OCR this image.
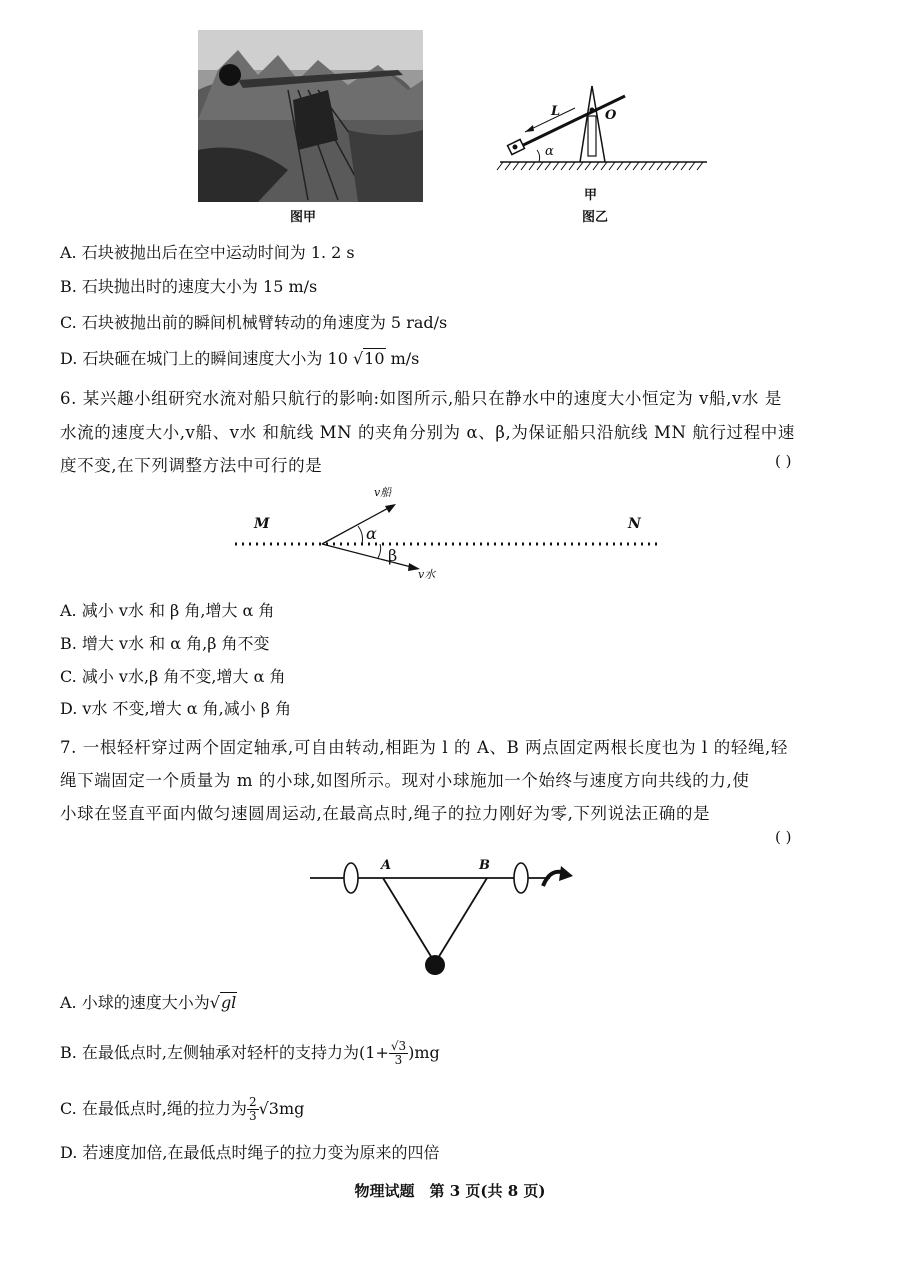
图甲
L	O
α
甲
图乙
A. 石块被抛出后在空中运动时间为 1. 2 s
B. 石块抛出时的速度大小为 15 m/s
C. 石块被抛出前的瞬间机械臂转动的角速度为 5 rad/s
D. 石块砸在城门上的瞬间速度大小为 10 √10 m/s
6. 某兴趣小组研究水流对船只航行的影响:如图所示,船只在静水中的速度大小恒定为 v船,v水 是
水流的速度大小,v船、v水 和航线 MN 的夹角分别为 α、β,为保证船只沿航线 MN 航行过程中速
度不变,在下列调整方法中可行的是	( )
M	N
α
β
v船
v水
A. 减小 v水 和 β 角,增大 α 角
B. 增大 v水 和 α 角,β 角不变
C. 减小 v水,β 角不变,增大 α 角
D. v水 不变,增大 α 角,减小 β 角
7. 一根轻杆穿过两个固定轴承,可自由转动,相距为 l 的 A、B 两点固定两根长度也为 l 的轻绳,轻
绳下端固定一个质量为 m 的小球,如图所示。现对小球施加一个始终与速度方向共线的力,使
小球在竖直平面内做匀速圆周运动,在最高点时,绳子的拉力刚好为零,下列说法正确的是
( )
A	B
A. 小球的速度大小为√gl
B. 在最低点时,左侧轴承对轻杆的支持力为$(1+ \frac{√3}{3} )mg$
C. 在最低点时,绳的拉力为 $\frac{2}{3} √3mg$
D. 若速度加倍,在最低点时绳子的拉力变为原来的四倍
物理试题　第 3 页(共 8 页)
